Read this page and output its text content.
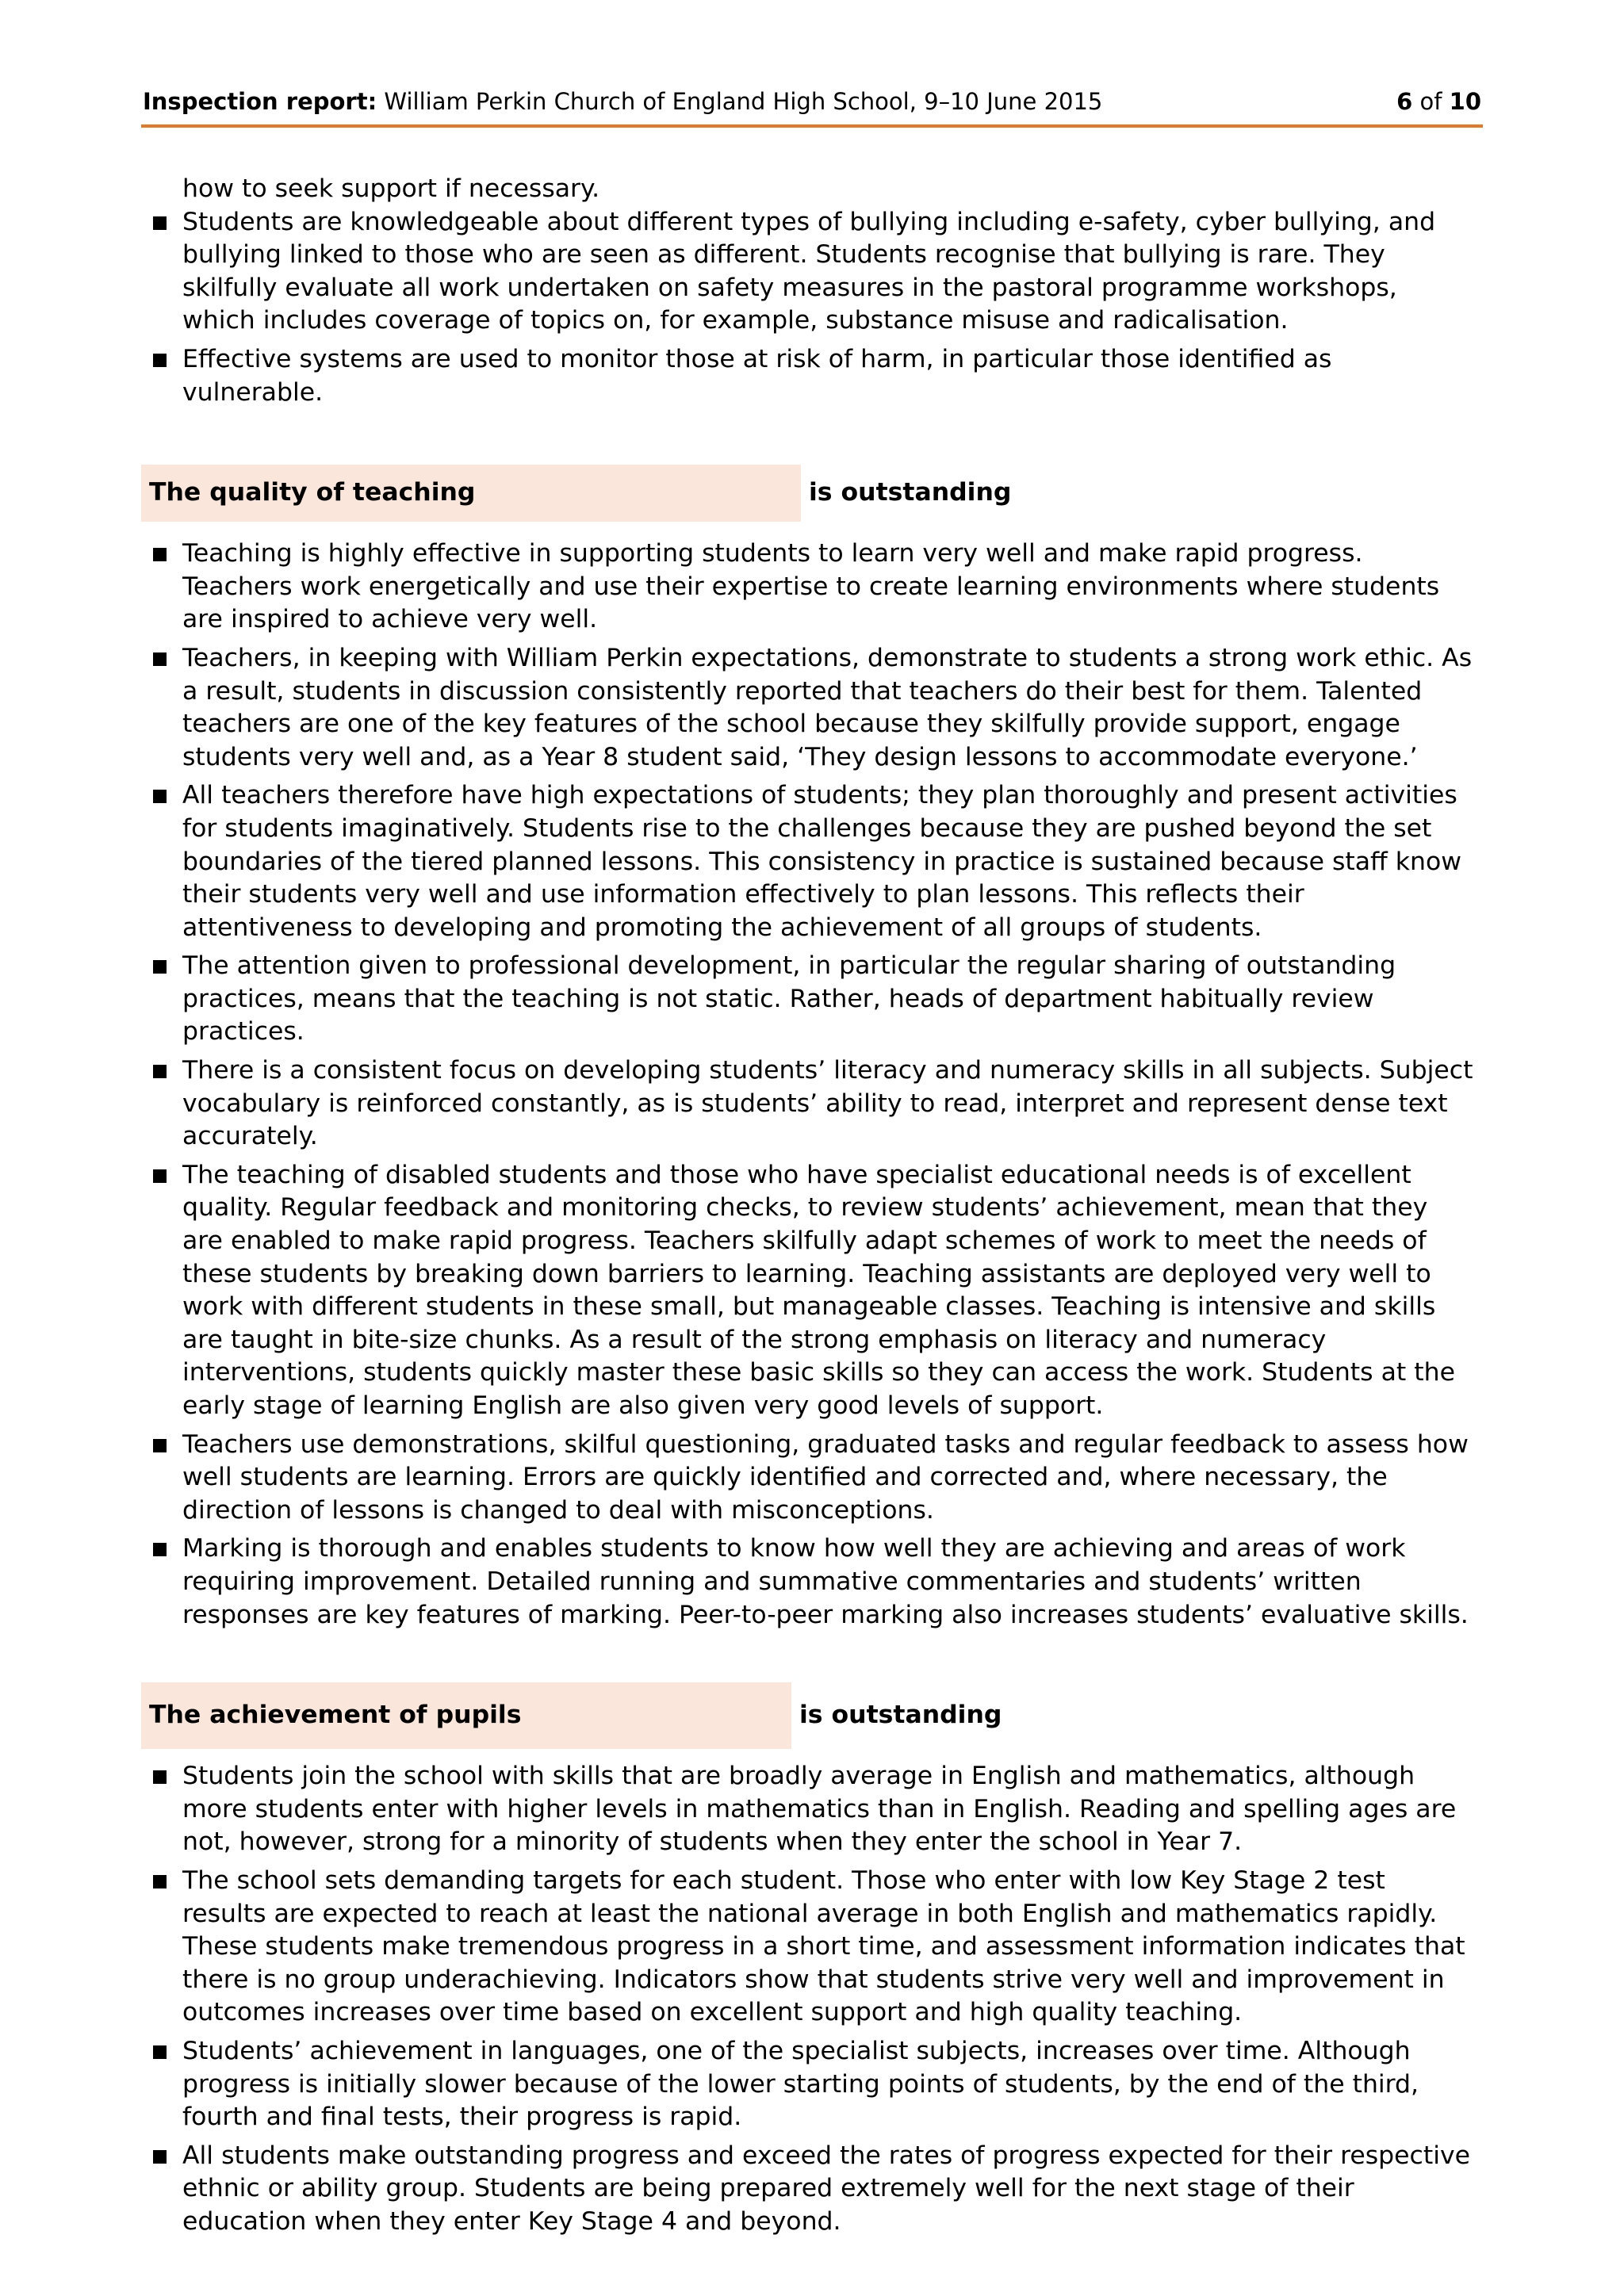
Inspection report: William Perkin Church of England High School, 9–10 June 2015	6 of 10

how to seek support if necessary.

Students are knowledgeable about different types of bullying including e-safety, cyber bullying, and bullying linked to those who are seen as different. Students recognise that bullying is rare. They skilfully evaluate all work undertaken on safety measures in the pastoral programme workshops, which includes coverage of topics on, for example, substance misuse and radicalisation.
Effective systems are used to monitor those at risk of harm, in particular those identified as vulnerable.
The quality of teaching	is outstanding
Teaching is highly effective in supporting students to learn very well and make rapid progress. Teachers work energetically and use their expertise to create learning environments where students are inspired to achieve very well.
Teachers, in keeping with William Perkin expectations, demonstrate to students a strong work ethic. As a result, students in discussion consistently reported that teachers do their best for them. Talented teachers are one of the key features of the school because they skilfully provide support, engage students very well and, as a Year 8 student said, ‘They design lessons to accommodate everyone.’
All teachers therefore have high expectations of students; they plan thoroughly and present activities for students imaginatively. Students rise to the challenges because they are pushed beyond the set boundaries of the tiered planned lessons. This consistency in practice is sustained because staff know their students very well and use information effectively to plan lessons. This reflects their attentiveness to developing and promoting the achievement of all groups of students.
The attention given to professional development, in particular the regular sharing of outstanding practices, means that the teaching is not static. Rather, heads of department habitually review practices.
There is a consistent focus on developing students’ literacy and numeracy skills in all subjects. Subject vocabulary is reinforced constantly, as is students’ ability to read, interpret and represent dense text accurately.
The teaching of disabled students and those who have specialist educational needs is of excellent quality. Regular feedback and monitoring checks, to review students’ achievement, mean that they are enabled to make rapid progress. Teachers skilfully adapt schemes of work to meet the needs of these students by breaking down barriers to learning. Teaching assistants are deployed very well to work with different students in these small, but manageable classes. Teaching is intensive and skills are taught in bite-size chunks. As a result of the strong emphasis on literacy and numeracy interventions, students quickly master these basic skills so they can access the work. Students at the early stage of learning English are also given very good levels of support.
Teachers use demonstrations, skilful questioning, graduated tasks and regular feedback to assess how well students are learning. Errors are quickly identified and corrected and, where necessary, the direction of lessons is changed to deal with misconceptions.
Marking is thorough and enables students to know how well they are achieving and areas of work requiring improvement. Detailed running and summative commentaries and students’ written responses are key features of marking. Peer-to-peer marking also increases students’ evaluative skills.
The achievement of pupils	is outstanding
Students join the school with skills that are broadly average in English and mathematics, although more students enter with higher levels in mathematics than in English. Reading and spelling ages are not, however, strong for a minority of students when they enter the school in Year 7.
The school sets demanding targets for each student. Those who enter with low Key Stage 2 test results are expected to reach at least the national average in both English and mathematics rapidly. These students make tremendous progress in a short time, and assessment information indicates that there is no group underachieving. Indicators show that students strive very well and improvement in outcomes increases over time based on excellent support and high quality teaching.
Students’ achievement in languages, one of the specialist subjects, increases over time. Although progress is initially slower because of the lower starting points of students, by the end of the third, fourth and final tests, their progress is rapid.
All students make outstanding progress and exceed the rates of progress expected for their respective ethnic or ability group. Students are being prepared extremely well for the next stage of their education when they enter Key Stage 4 and beyond.
